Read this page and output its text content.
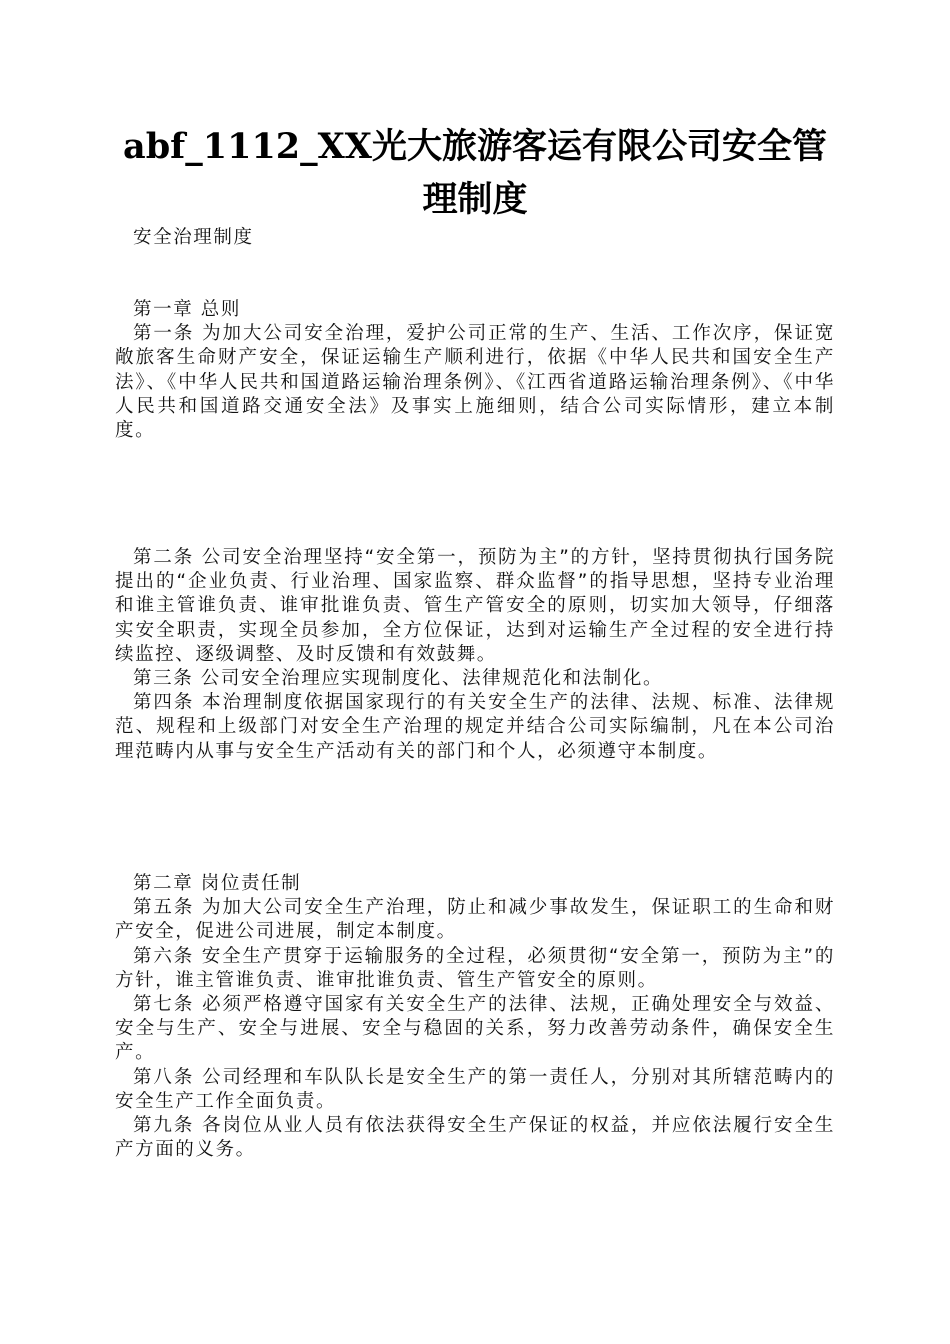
abf_1112_XX光大旅游客运有限公司安全管理制度

安全治理制度

第一章 总则

第一条 为加大公司安全治理，爱护公司正常的生产、生活、工作次序，保证宽敞旅客生命财产安全，保证运输生产顺利进行，依据《中华人民共和国安全生产法》、《中华人民共和国道路运输治理条例》、《江西省道路运输治理条例》、《中华人民共和国道路交通安全法》及事实上施细则，结合公司实际情形，建立本制度。

第二条 公司安全治理坚持“安全第一，预防为主”的方针，坚持贯彻执行国务院提出的“企业负责、行业治理、国家监察、群众监督”的指导思想，坚持专业治理和谁主管谁负责、谁审批谁负责、管生产管安全的原则，切实加大领导，仔细落实安全职责，实现全员参加，全方位保证，达到对运输生产全过程的安全进行持续监控、逐级调整、及时反馈和有效鼓舞。

第三条 公司安全治理应实现制度化、法律规范化和法制化。

第四条 本治理制度依据国家现行的有关安全生产的法律、法规、标准、法律规范、规程和上级部门对安全生产治理的规定并结合公司实际编制，凡在本公司治理范畴内从事与安全生产活动有关的部门和个人，必须遵守本制度。

第二章 岗位责任制

第五条 为加大公司安全生产治理，防止和减少事故发生，保证职工的生命和财产安全，促进公司进展，制定本制度。

第六条 安全生产贯穿于运输服务的全过程，必须贯彻“安全第一，预防为主”的方针，谁主管谁负责、谁审批谁负责、管生产管安全的原则。

第七条 必须严格遵守国家有关安全生产的法律、法规，正确处理安全与效益、安全与生产、安全与进展、安全与稳固的关系，努力改善劳动条件，确保安全生产。

第八条 公司经理和车队队长是安全生产的第一责任人，分别对其所辖范畴内的安全生产工作全面负责。

第九条 各岗位从业人员有依法获得安全生产保证的权益，并应依法履行安全生产方面的义务。
